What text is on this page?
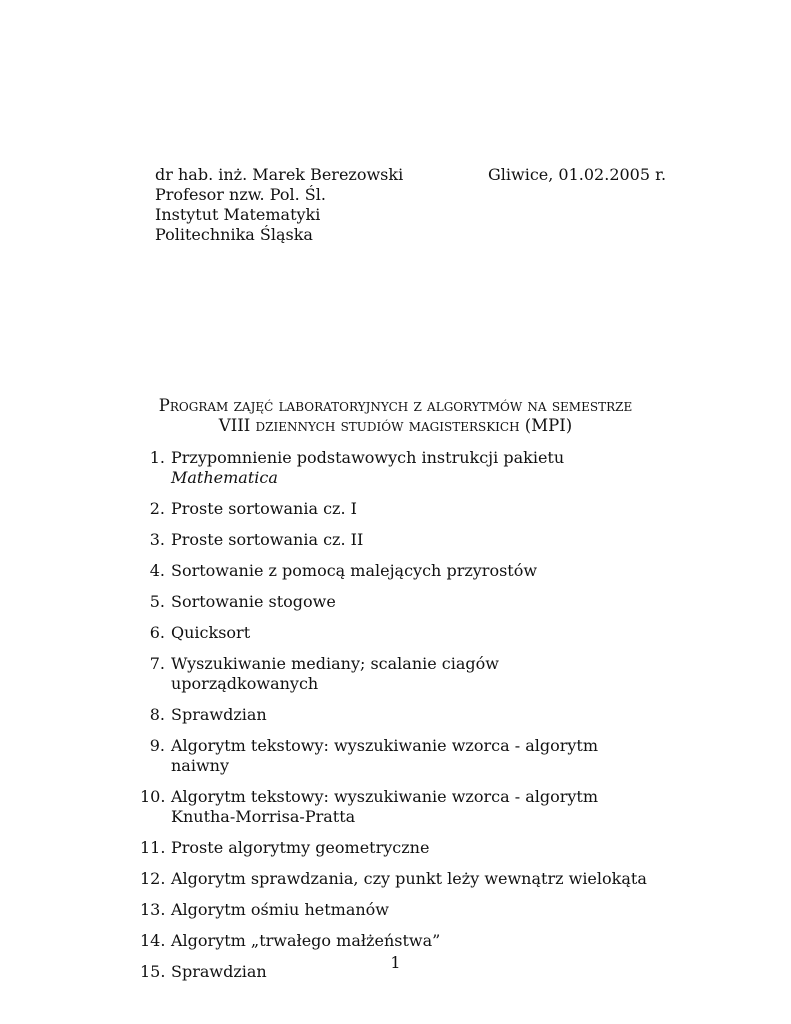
dr hab. inż. Marek Berezowski
Profesor nzw. Pol. Śl.
Instytut Matematyki
Politechnika Śląska
Gliwice, 01.02.2005 r.
Program zajęć laboratoryjnych z algorytmów na semestrze
VIII dziennych studiów magisterskich (MPI)
1. Przypomnienie podstawowych instrukcji pakietu Mathematica
2. Proste sortowania cz. I
3. Proste sortowania cz. II
4. Sortowanie z pomocą malejących przyrostów
5. Sortowanie stogowe
6. Quicksort
7. Wyszukiwanie mediany; scalanie ciagów uporządkowanych
8. Sprawdzian
9. Algorytm tekstowy: wyszukiwanie wzorca - algorytm naiwny
10. Algorytm tekstowy: wyszukiwanie wzorca - algorytm Knutha-Morrisa-Pratta
11. Proste algorytmy geometryczne
12. Algorytm sprawdzania, czy punkt leży wewnątrz wielokąta
13. Algorytm ośmiu hetmanów
14. Algorytm „trwałego małżeństwa”
15. Sprawdzian	1
